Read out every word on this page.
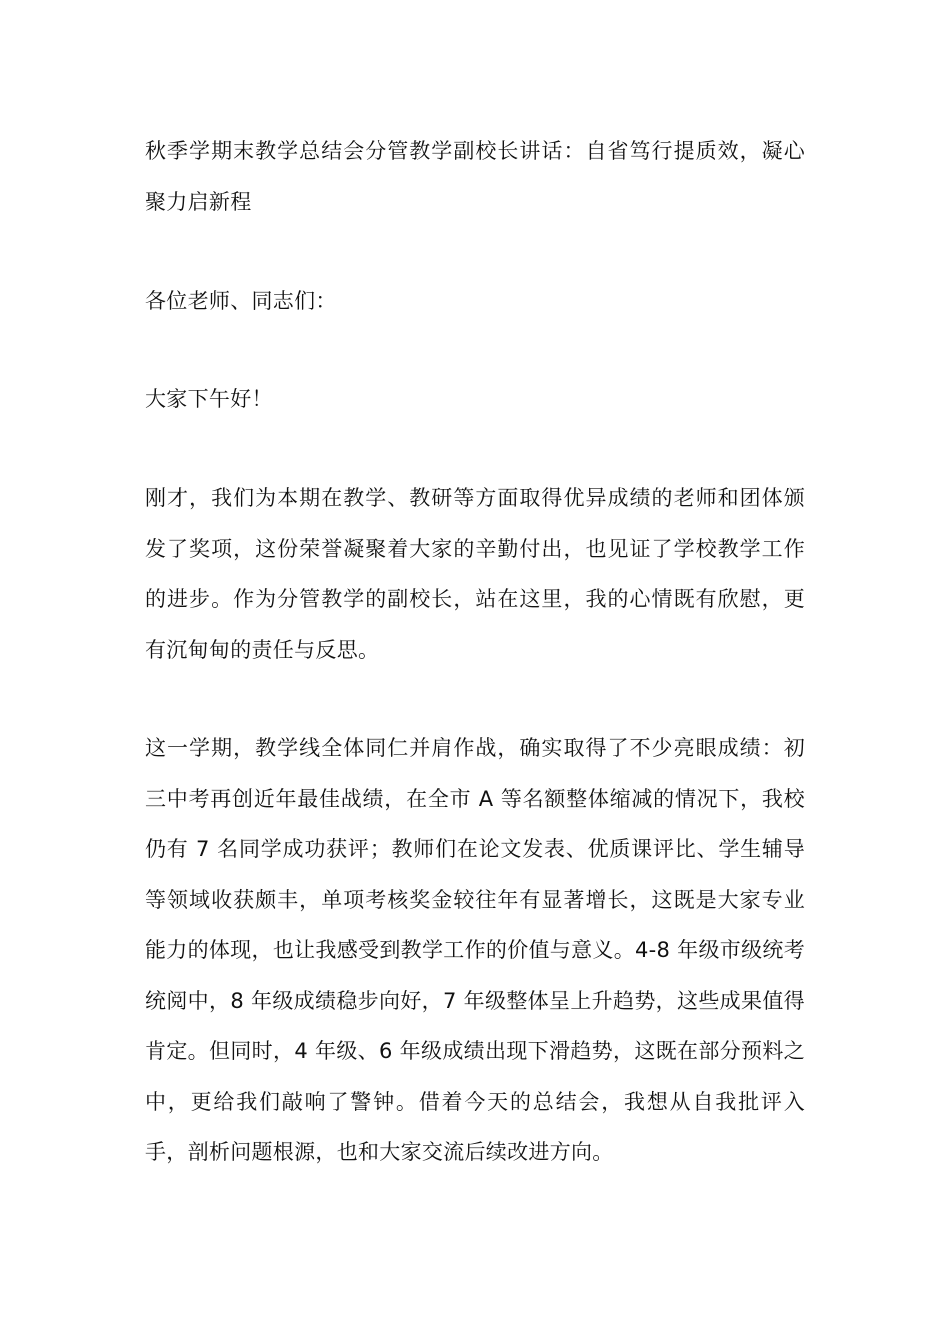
秋季学期末教学总结会分管教学副校长讲话：自省笃行提质效，凝心聚力启新程

各位老师、同志们：

大家下午好！

刚才，我们为本期在教学、教研等方面取得优异成绩的老师和团体颁发了奖项，这份荣誉凝聚着大家的辛勤付出，也见证了学校教学工作的进步。作为分管教学的副校长，站在这里，我的心情既有欣慰，更有沉甸甸的责任与反思。

这一学期，教学线全体同仁并肩作战，确实取得了不少亮眼成绩：初三中考再创近年最佳战绩，在全市 A 等名额整体缩减的情况下，我校仍有 7 名同学成功获评；教师们在论文发表、优质课评比、学生辅导等领域收获颇丰，单项考核奖金较往年有显著增长，这既是大家专业能力的体现，也让我感受到教学工作的价值与意义。4-8 年级市级统考统阅中，8 年级成绩稳步向好，7 年级整体呈上升趋势，这些成果值得肯定。但同时，4 年级、6 年级成绩出现下滑趋势，这既在部分预料之中，更给我们敲响了警钟。借着今天的总结会，我想从自我批评入手，剖析问题根源，也和大家交流后续改进方向。
